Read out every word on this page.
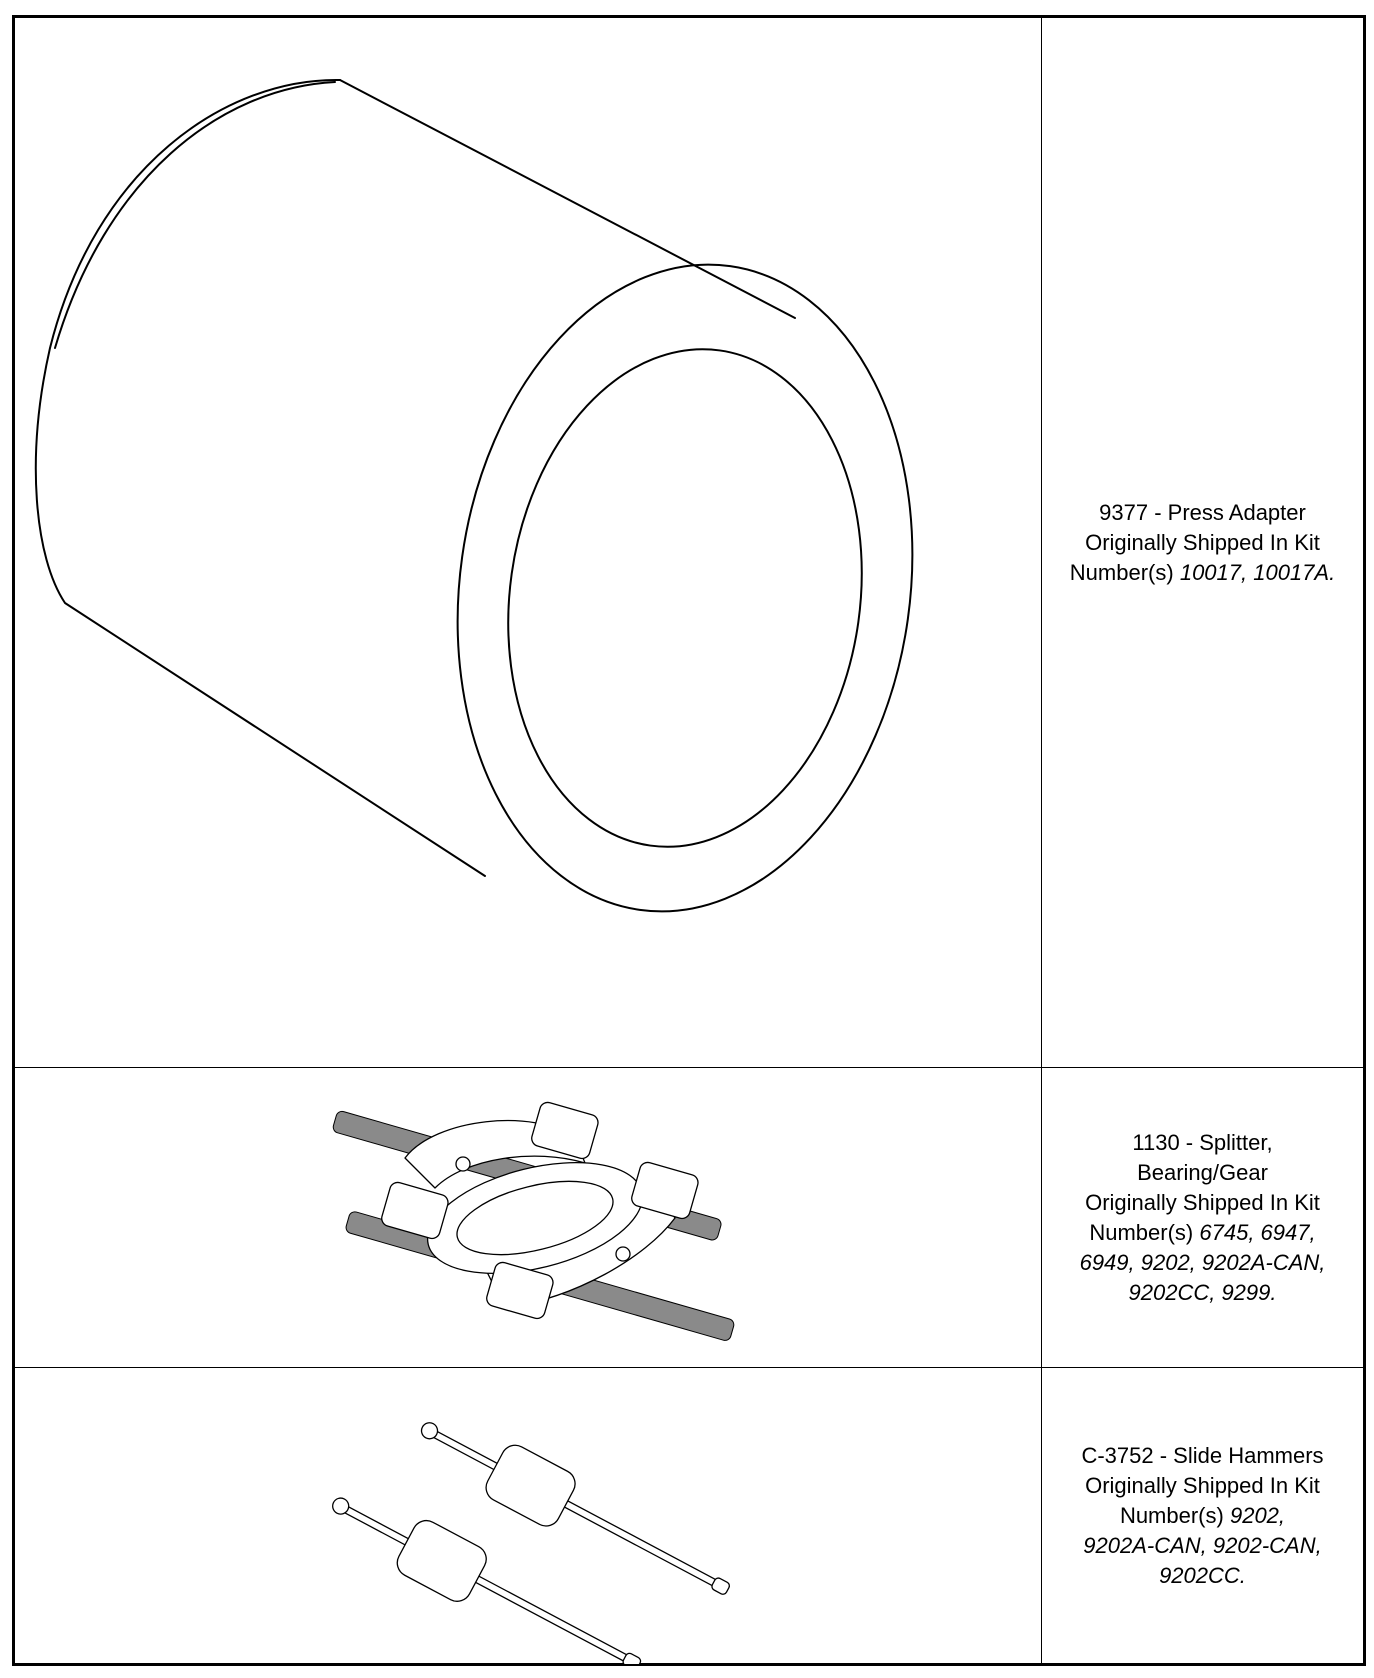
9377 - Press Adapter

Originally Shipped In Kit

Number(s) 10017, 10017A.

1130 - Splitter,

Bearing/Gear

Originally Shipped In Kit

Number(s) 6745, 6947,

6949, 9202, 9202A-CAN,

9202CC, 9299.

C-3752 - Slide Hammers

Originally Shipped In Kit

Number(s) 9202,

9202A-CAN, 9202-CAN,

9202CC.
